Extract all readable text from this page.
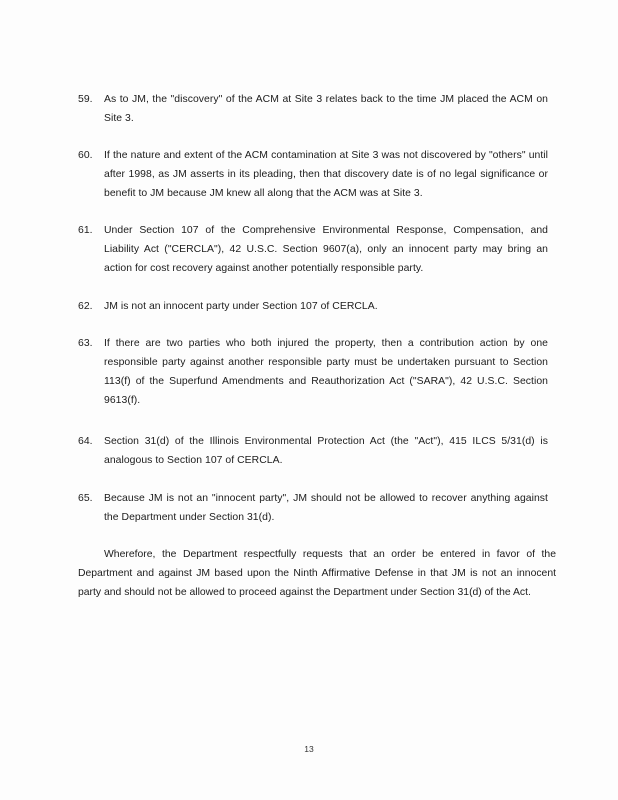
59. As to JM, the "discovery" of the ACM at Site 3 relates back to the time JM placed the ACM on Site 3.
60. If the nature and extent of the ACM contamination at Site 3 was not discovered by "others" until after 1998, as JM asserts in its pleading, then that discovery date is of no legal significance or benefit to JM because JM knew all along that the ACM was at Site 3.
61. Under Section 107 of the Comprehensive Environmental Response, Compensation, and Liability Act ("CERCLA"), 42 U.S.C. Section 9607(a), only an innocent party may bring an action for cost recovery against another potentially responsible party.
62. JM is not an innocent party under Section 107 of CERCLA.
63. If there are two parties who both injured the property, then a contribution action by one responsible party against another responsible party must be undertaken pursuant to Section 113(f) of the Superfund Amendments and Reauthorization Act ("SARA"), 42 U.S.C. Section 9613(f).
64. Section 31(d) of the Illinois Environmental Protection Act (the "Act"), 415 ILCS 5/31(d) is analogous to Section 107 of CERCLA.
65. Because JM is not an "innocent party", JM should not be allowed to recover anything against the Department under Section 31(d).
Wherefore, the Department respectfully requests that an order be entered in favor of the Department and against JM based upon the Ninth Affirmative Defense in that JM is not an innocent party and should not be allowed to proceed against the Department under Section 31(d) of the Act.
13
